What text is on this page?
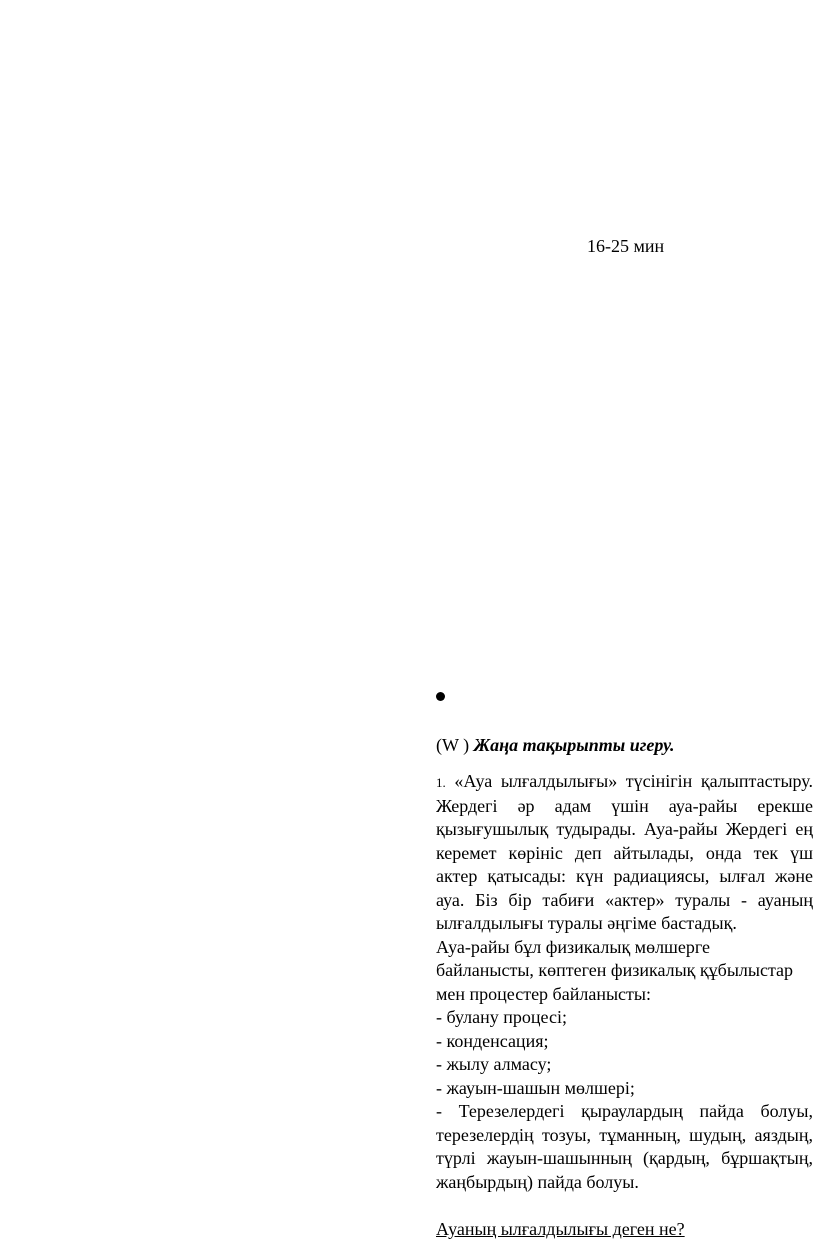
16-25 мин

(W ) Жаңа тақырыпты игеру.

1. «Ауа ылғалдылығы» түсінігін қалыптастыру. Жердегі әр адам үшін ауа-райы ерекше қызығушылық тудырады. Ауа-райы Жердегі ең керемет көрініс деп айтылады, онда тек үш актер қатысады: күн радиациясы, ылғал және ауа. Біз бір табиғи «актер» туралы - ауаның ылғалдылығы туралы әңгіме бастадық.

Ауа-райы бұл физикалық мөлшерге

байланысты, көптеген физикалық құбылыстар

мен процестер байланысты:

- булану процесі;
- конденсация;
- жылу алмасу;
- жауын-шашын мөлшері;
- Терезелердегі қыраулардың пайда болуы, терезелердің тозуы, тұманның, шудың, аяздың, түрлі жауын-шашынның (қардың, бұршақтың, жаңбырдың) пайда болуы.

Ауаның ылғалдылығы деген не?
